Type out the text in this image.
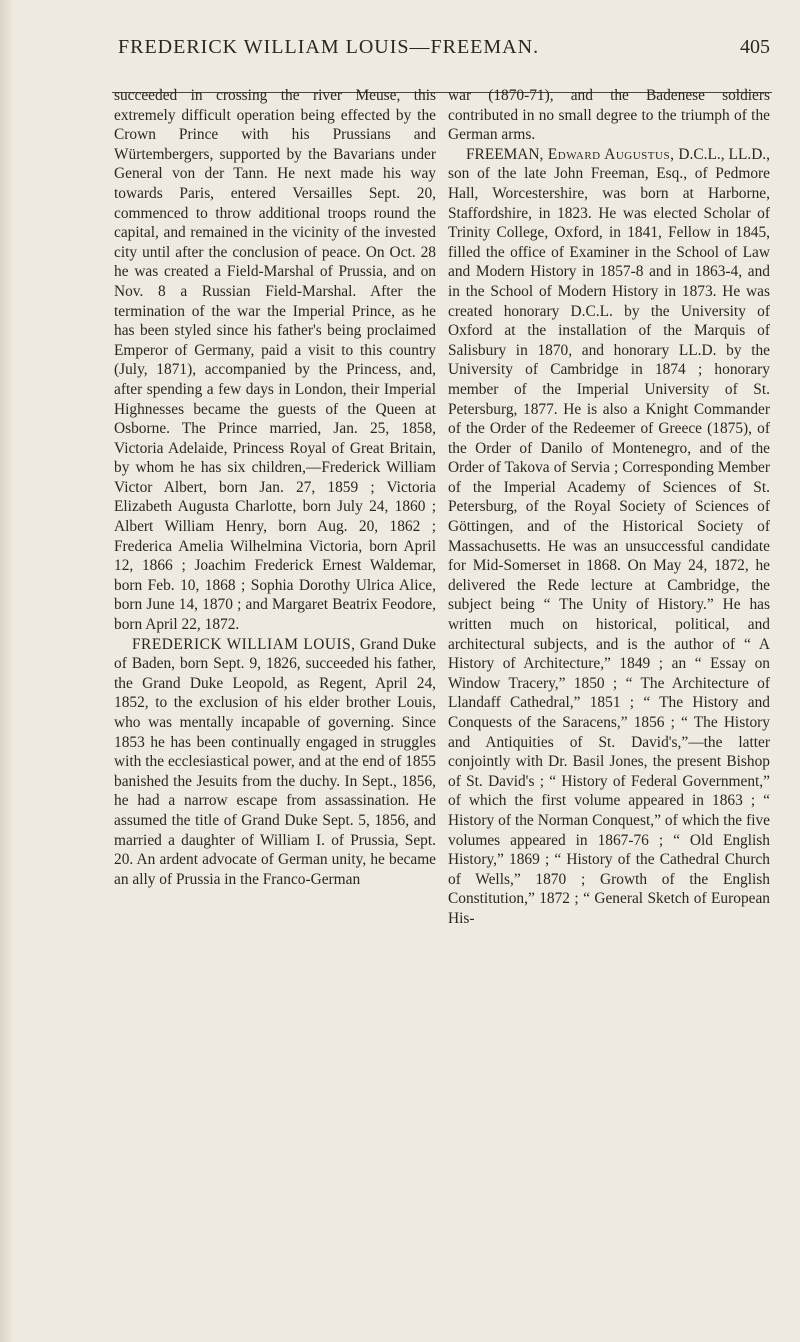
FREDERICK WILLIAM LOUIS—FREEMAN.	405

succeeded in crossing the river Meuse, this extremely difficult operation being effected by the Crown Prince with his Prussians and Würtembergers, supported by the Bavarians under General von der Tann. He next made his way towards Paris, entered Versailles Sept. 20, commenced to throw additional troops round the capital, and remained in the vicinity of the invested city until after the conclusion of peace. On Oct. 28 he was created a Field-Marshal of Prussia, and on Nov. 8 a Russian Field-Marshal. After the termination of the war the Imperial Prince, as he has been styled since his father's being proclaimed Emperor of Germany, paid a visit to this country (July, 1871), accompanied by the Princess, and, after spending a few days in London, their Imperial Highnesses became the guests of the Queen at Osborne. The Prince married, Jan. 25, 1858, Victoria Adelaide, Princess Royal of Great Britain, by whom he has six children,—Frederick William Victor Albert, born Jan. 27, 1859 ; Victoria Elizabeth Augusta Charlotte, born July 24, 1860 ; Albert William Henry, born Aug. 20, 1862 ; Frederica Amelia Wilhelmina Victoria, born April 12, 1866 ; Joachim Frederick Ernest Waldemar, born Feb. 10, 1868 ; Sophia Dorothy Ulrica Alice, born June 14, 1870 ; and Margaret Beatrix Feodore, born April 22, 1872.

FREDERICK WILLIAM LOUIS, Grand Duke of Baden, born Sept. 9, 1826, succeeded his father, the Grand Duke Leopold, as Regent, April 24, 1852, to the exclusion of his elder brother Louis, who was mentally incapable of governing. Since 1853 he has been continually engaged in struggles with the ecclesiastical power, and at the end of 1855 banished the Jesuits from the duchy. In Sept., 1856, he had a narrow escape from assassination. He assumed the title of Grand Duke Sept. 5, 1856, and married a daughter of William I. of Prussia, Sept. 20. An ardent advocate of German unity, he became an ally of Prussia in the Franco-German

war (1870-71), and the Badenese soldiers contributed in no small degree to the triumph of the German arms.

FREEMAN, Edward Augustus, D.C.L., LL.D., son of the late John Freeman, Esq., of Pedmore Hall, Worcestershire, was born at Harborne, Staffordshire, in 1823. He was elected Scholar of Trinity College, Oxford, in 1841, Fellow in 1845, filled the office of Examiner in the School of Law and Modern History in 1857-8 and in 1863-4, and in the School of Modern History in 1873. He was created honorary D.C.L. by the University of Oxford at the installation of the Marquis of Salisbury in 1870, and honorary LL.D. by the University of Cambridge in 1874 ; honorary member of the Imperial University of St. Petersburg, 1877. He is also a Knight Commander of the Order of the Redeemer of Greece (1875), of the Order of Danilo of Montenegro, and of the Order of Takova of Servia ; Corresponding Member of the Imperial Academy of Sciences of St. Petersburg, of the Royal Society of Sciences of Göttingen, and of the Historical Society of Massachusetts. He was an unsuccessful candidate for Mid-Somerset in 1868. On May 24, 1872, he delivered the Rede lecture at Cambridge, the subject being “ The Unity of History.” He has written much on historical, political, and architectural subjects, and is the author of “ A History of Architecture,” 1849 ; an “ Essay on Window Tracery,” 1850 ; “ The Architecture of Llandaff Cathedral,” 1851 ; “ The History and Conquests of the Saracens,” 1856 ; “ The History and Antiquities of St. David's,”—the latter conjointly with Dr. Basil Jones, the present Bishop of St. David's ; “ History of Federal Government,” of which the first volume appeared in 1863 ; “ History of the Norman Conquest,” of which the five volumes appeared in 1867-76 ; “ Old English History,” 1869 ; “ History of the Cathedral Church of Wells,” 1870 ; Growth of the English Constitution,” 1872 ; “ General Sketch of European His-
